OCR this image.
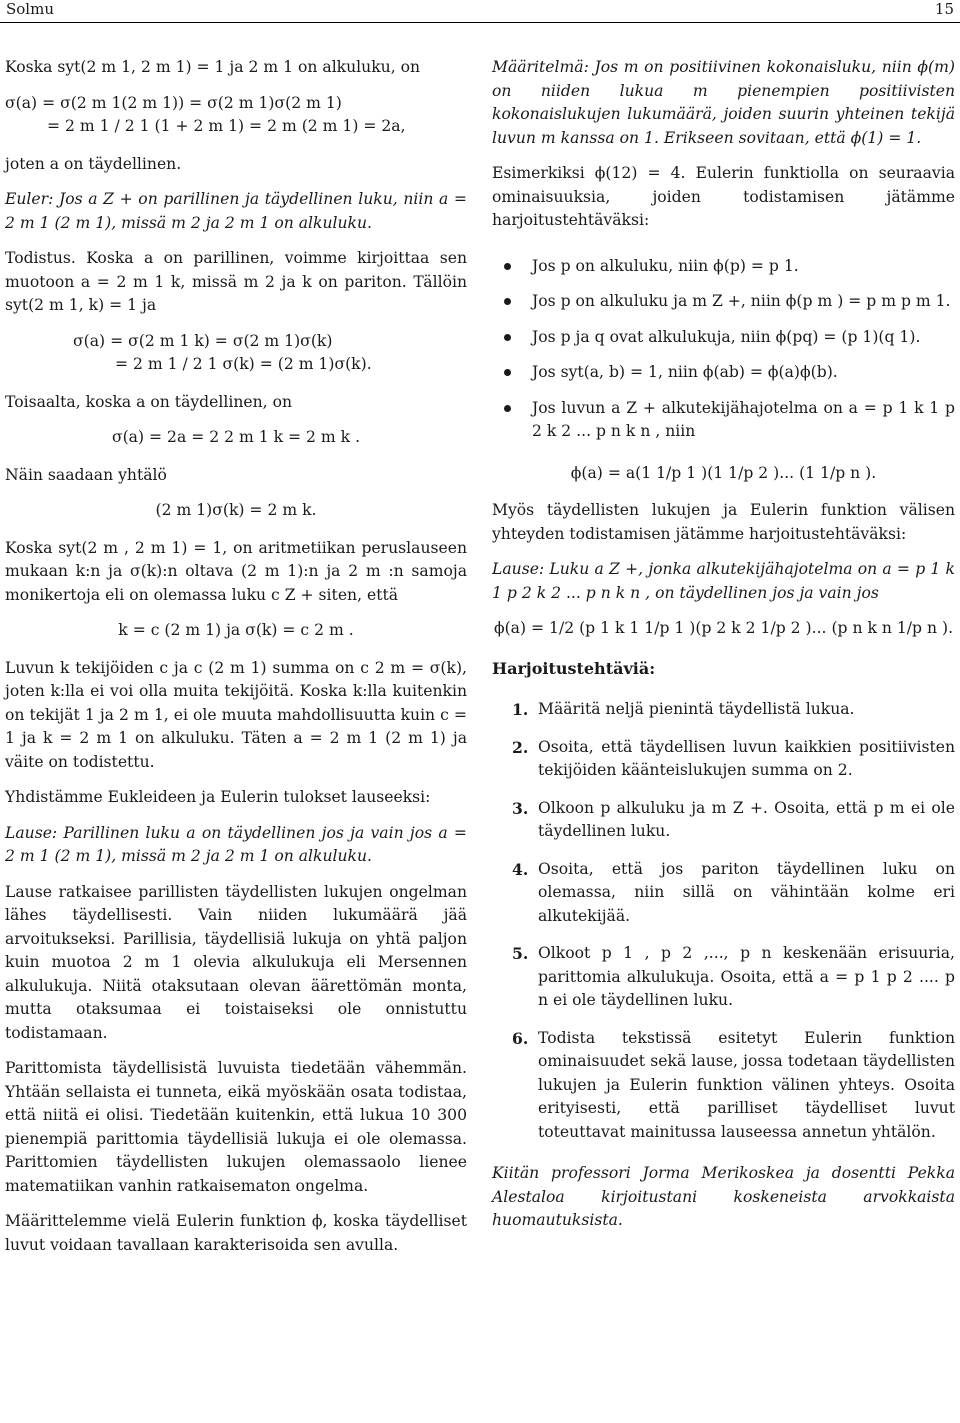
Solmu	15

Koska syt(2 m 1, 2 m 1) = 1 ja 2 m 1 on alkuluku, on

σ(a) = σ(2 m 1(2 m 1)) = σ(2 m 1)σ(2 m 1)
= 2 m 1 / 2 1 (1 + 2 m 1) = 2 m (2 m 1) = 2a,

joten a on täydellinen.

Euler: Jos a Z + on parillinen ja täydellinen luku, niin a = 2 m 1 (2 m 1), missä m 2 ja 2 m 1 on alkuluku.

Todistus. Koska a on parillinen, voimme kirjoittaa sen muotoon a = 2 m 1 k, missä m 2 ja k on pariton. Tällöin syt(2 m 1, k) = 1 ja

σ(a) = σ(2 m 1 k) = σ(2 m 1)σ(k)
= 2 m 1 / 2 1 σ(k) = (2 m 1)σ(k).

Toisaalta, koska a on täydellinen, on

σ(a) = 2a = 2 2 m 1 k = 2 m k .

Näin saadaan yhtälö

(2 m 1)σ(k) = 2 m k.

Koska syt(2 m , 2 m 1) = 1, on aritmetiikan peruslauseen mukaan k:n ja σ(k):n oltava (2 m 1):n ja 2 m :n samoja monikertoja eli on olemassa luku c Z + siten, että

k = c (2 m 1) ja σ(k) = c 2 m .

Luvun k tekijöiden c ja c (2 m 1) summa on c 2 m = σ(k), joten k:lla ei voi olla muita tekijöitä. Koska k:lla kuitenkin on tekijät 1 ja 2 m 1, ei ole muuta mahdollisuutta kuin c = 1 ja k = 2 m 1 on alkuluku. Täten a = 2 m 1 (2 m 1) ja väite on todistettu.

Yhdistämme Eukleideen ja Eulerin tulokset lauseeksi:

Lause: Parillinen luku a on täydellinen jos ja vain jos a = 2 m 1 (2 m 1), missä m 2 ja 2 m 1 on alkuluku.

Lause ratkaisee parillisten täydellisten lukujen ongelman lähes täydellisesti. Vain niiden lukumäärä jää arvoitukseksi. Parillisia, täydellisiä lukuja on yhtä paljon kuin muotoa 2 m 1 olevia alkulukuja eli Mersennen alkulukuja. Niitä otaksutaan olevan äärettömän monta, mutta otaksumaa ei toistaiseksi ole onnistuttu todistamaan.

Parittomista täydellisistä luvuista tiedetään vähemmän. Yhtään sellaista ei tunneta, eikä myöskään osata todistaa, että niitä ei olisi. Tiedetään kuitenkin, että lukua 10 300 pienempiä parittomia täydellisiä lukuja ei ole olemassa. Parittomien täydellisten lukujen olemassaolo lienee matematiikan vanhin ratkaisematon ongelma.

Määrittelemme vielä Eulerin funktion ϕ, koska täydelliset luvut voidaan tavallaan karakterisoida sen avulla.

Määritelmä: Jos m on positiivinen kokonaisluku, niin ϕ(m) on niiden lukua m pienempien positiivisten kokonaislukujen lukumäärä, joiden suurin yhteinen tekijä luvun m kanssa on 1. Erikseen sovitaan, että ϕ(1) = 1.

Esimerkiksi ϕ(12) = 4. Eulerin funktiolla on seuraavia ominaisuuksia, joiden todistamisen jätämme harjoitustehtäväksi:

Jos p on alkuluku, niin ϕ(p) = p 1.
Jos p on alkuluku ja m Z +, niin ϕ(p m ) = p m p m 1.
Jos p ja q ovat alkulukuja, niin ϕ(pq) = (p 1)(q 1).
Jos syt(a, b) = 1, niin ϕ(ab) = ϕ(a)ϕ(b).
Jos luvun a Z + alkutekijähajotelma on a = p 1 k 1 p 2 k 2 ... p n k n , niin
ϕ(a) = a(1 1/p 1 )(1 1/p 2 )... (1 1/p n ).

Myös täydellisten lukujen ja Eulerin funktion välisen yhteyden todistamisen jätämme harjoitustehtäväksi:

Lause: Luku a Z +, jonka alkutekijähajotelma on a = p 1 k 1 p 2 k 2 ... p n k n , on täydellinen jos ja vain jos

ϕ(a) = 1/2 (p 1 k 1 1/p 1 )(p 2 k 2 1/p 2 )... (p n k n 1/p n ).
Harjoitustehtäviä:
1. Määritä neljä pienintä täydellistä lukua.
2. Osoita, että täydellisen luvun kaikkien positiivisten tekijöiden käänteislukujen summa on 2.
3. Olkoon p alkuluku ja m Z +. Osoita, että p m ei ole täydellinen luku.
4. Osoita, että jos pariton täydellinen luku on olemassa, niin sillä on vähintään kolme eri alkutekijää.
5. Olkoot p 1 , p 2 ,..., p n keskenään erisuuria, parittomia alkulukuja. Osoita, että a = p 1 p 2 .... p n ei ole täydellinen luku.
6. Todista tekstissä esitetyt Eulerin funktion ominaisuudet sekä lause, jossa todetaan täydellisten lukujen ja Eulerin funktion välinen yhteys. Osoita erityisesti, että parilliset täydelliset luvut toteuttavat mainitussa lauseessa annetun yhtälön.

Kiitän professori Jorma Merikoskea ja dosentti Pekka Alestaloa kirjoitustani koskeneista arvokkaista huomautuksista.
